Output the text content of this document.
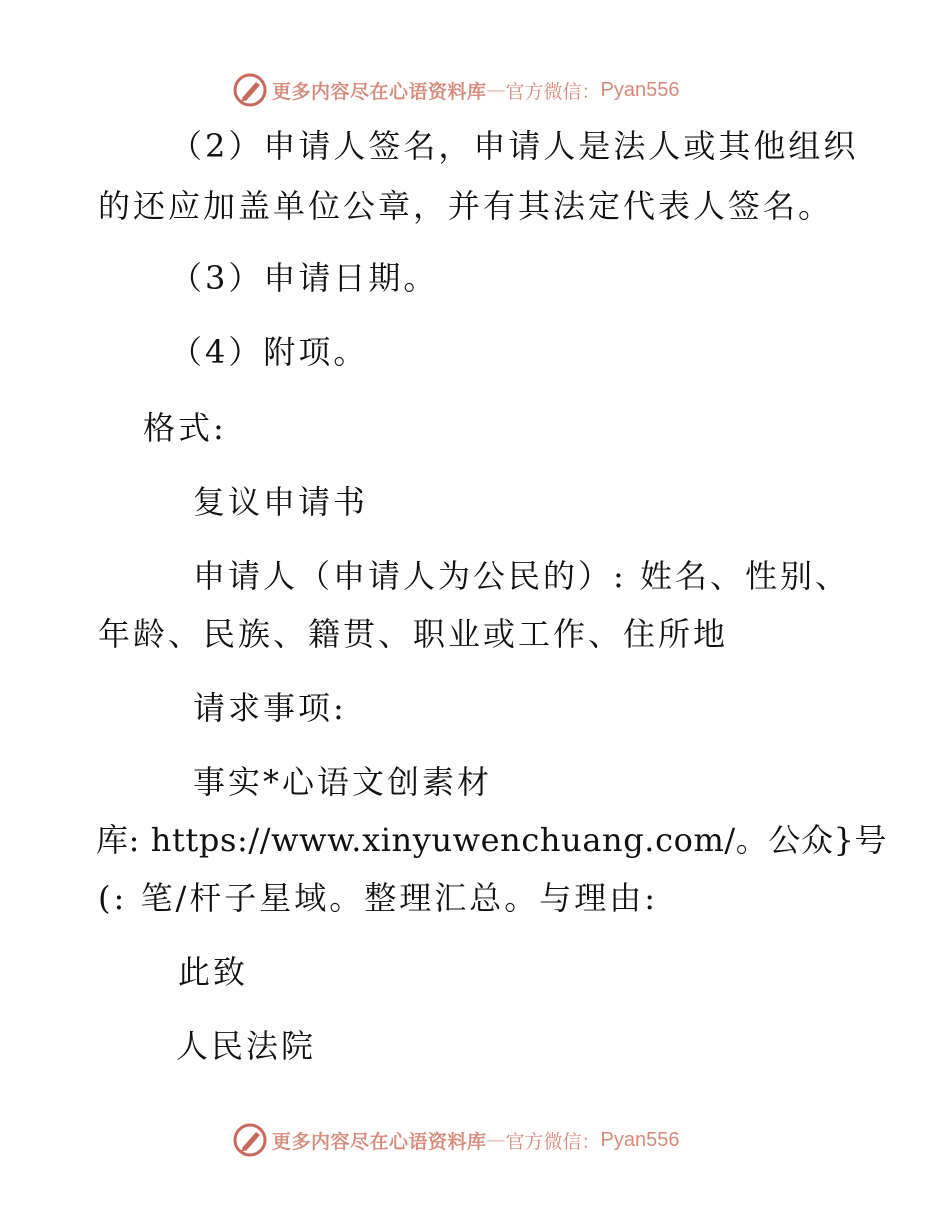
更多内容尽在心语资料库 — 官方微信： Pyan556
（2）申请人签名，申请人是法人或其他组织
的还应加盖单位公章，并有其法定代表人签名。
（3）申请日期。
（4）附项。
格式:
复议申请书
申请人（申请人为公民的）: 姓名、性别、
年龄、民族、籍贯、职业或工作、住所地
请求事项:
事实*心语文创素材
库: https://www.xinyuwenchuang.com/。公众}号
(: 笔/杆子星域。整理汇总。与理由:
此致
人民法院
更多内容尽在心语资料库 — 官方微信： Pyan556
